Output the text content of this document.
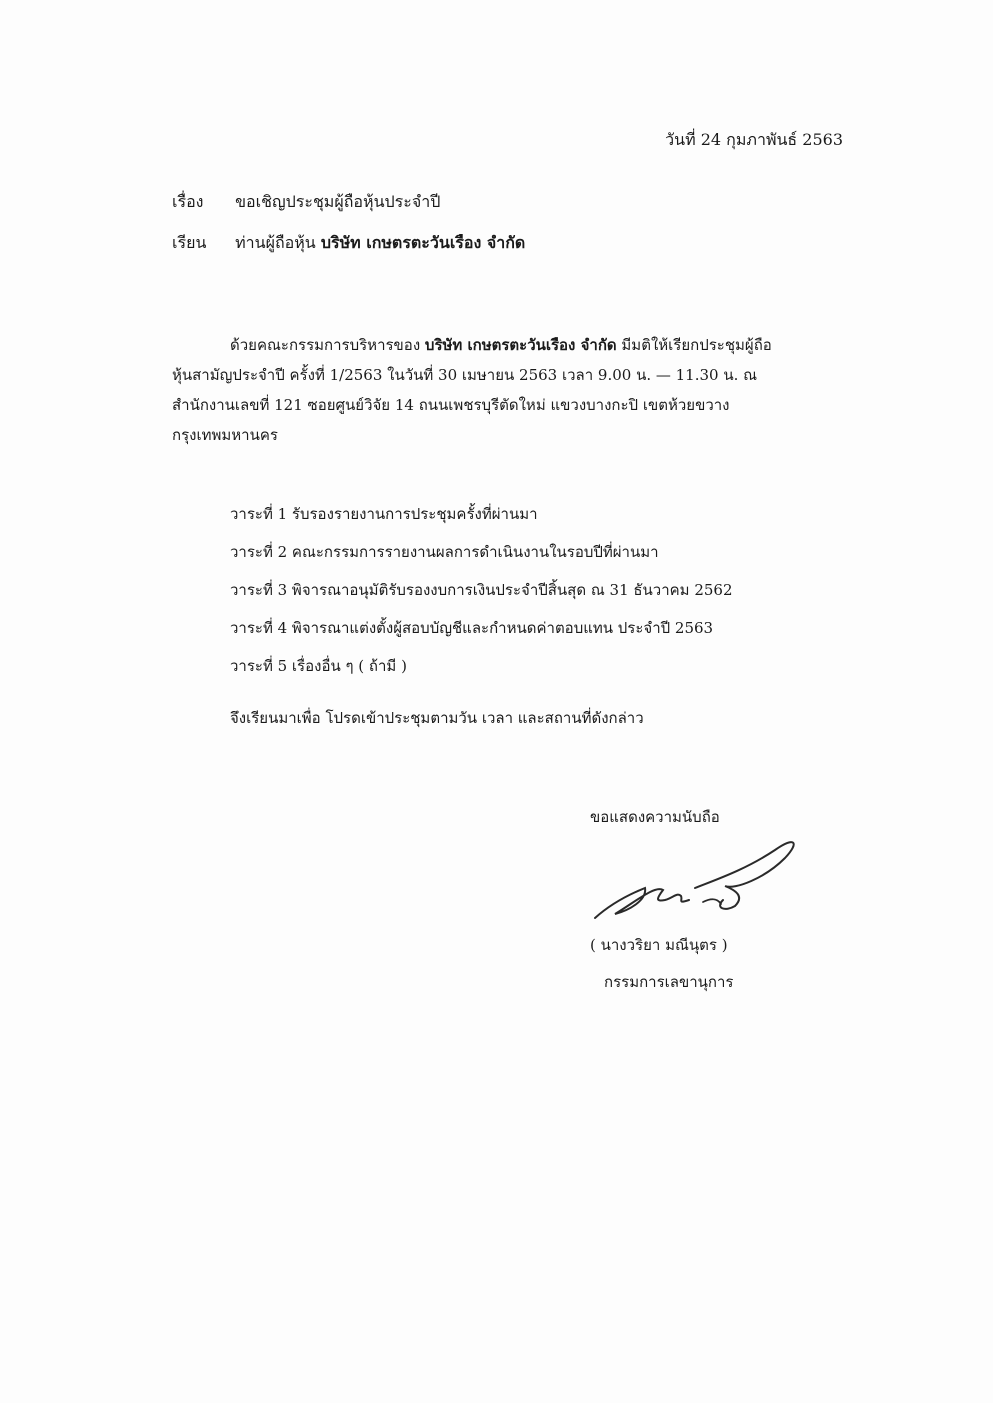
วันที่ 24 กุมภาพันธ์ 2563
เรื่อง ขอเชิญประชุมผู้ถือหุ้นประจำปี
เรียน ท่านผู้ถือหุ้น บริษัท เกษตรตะวันเรือง จำกัด
ด้วยคณะกรรมการบริหารของ บริษัท เกษตรตะวันเรือง จำกัด มีมติให้เรียกประชุมผู้ถือ
หุ้นสามัญประจำปี ครั้งที่ 1/2563 ในวันที่ 30 เมษายน 2563 เวลา 9.00 น. — 11.30 น. ณ
สำนักงานเลขที่ 121 ซอยศูนย์วิจัย 14 ถนนเพชรบุรีตัดใหม่ แขวงบางกะปิ เขตห้วยขวาง
กรุงเทพมหานคร
วาระที่ 1 รับรองรายงานการประชุมครั้งที่ผ่านมา
วาระที่ 2 คณะกรรมการรายงานผลการดำเนินงานในรอบปีที่ผ่านมา
วาระที่ 3 พิจารณาอนุมัติรับรองงบการเงินประจำปีสิ้นสุด ณ 31 ธันวาคม 2562
วาระที่ 4 พิจารณาแต่งตั้งผู้สอบบัญชีและกำหนดค่าตอบแทน ประจำปี 2563
วาระที่ 5 เรื่องอื่น ๆ ( ถ้ามี )
จึงเรียนมาเพื่อ โปรดเข้าประชุมตามวัน เวลา และสถานที่ดังกล่าว
ขอแสดงความนับถือ
( นางวริยา มณีนุตร )
กรรมการเลขานุการ
